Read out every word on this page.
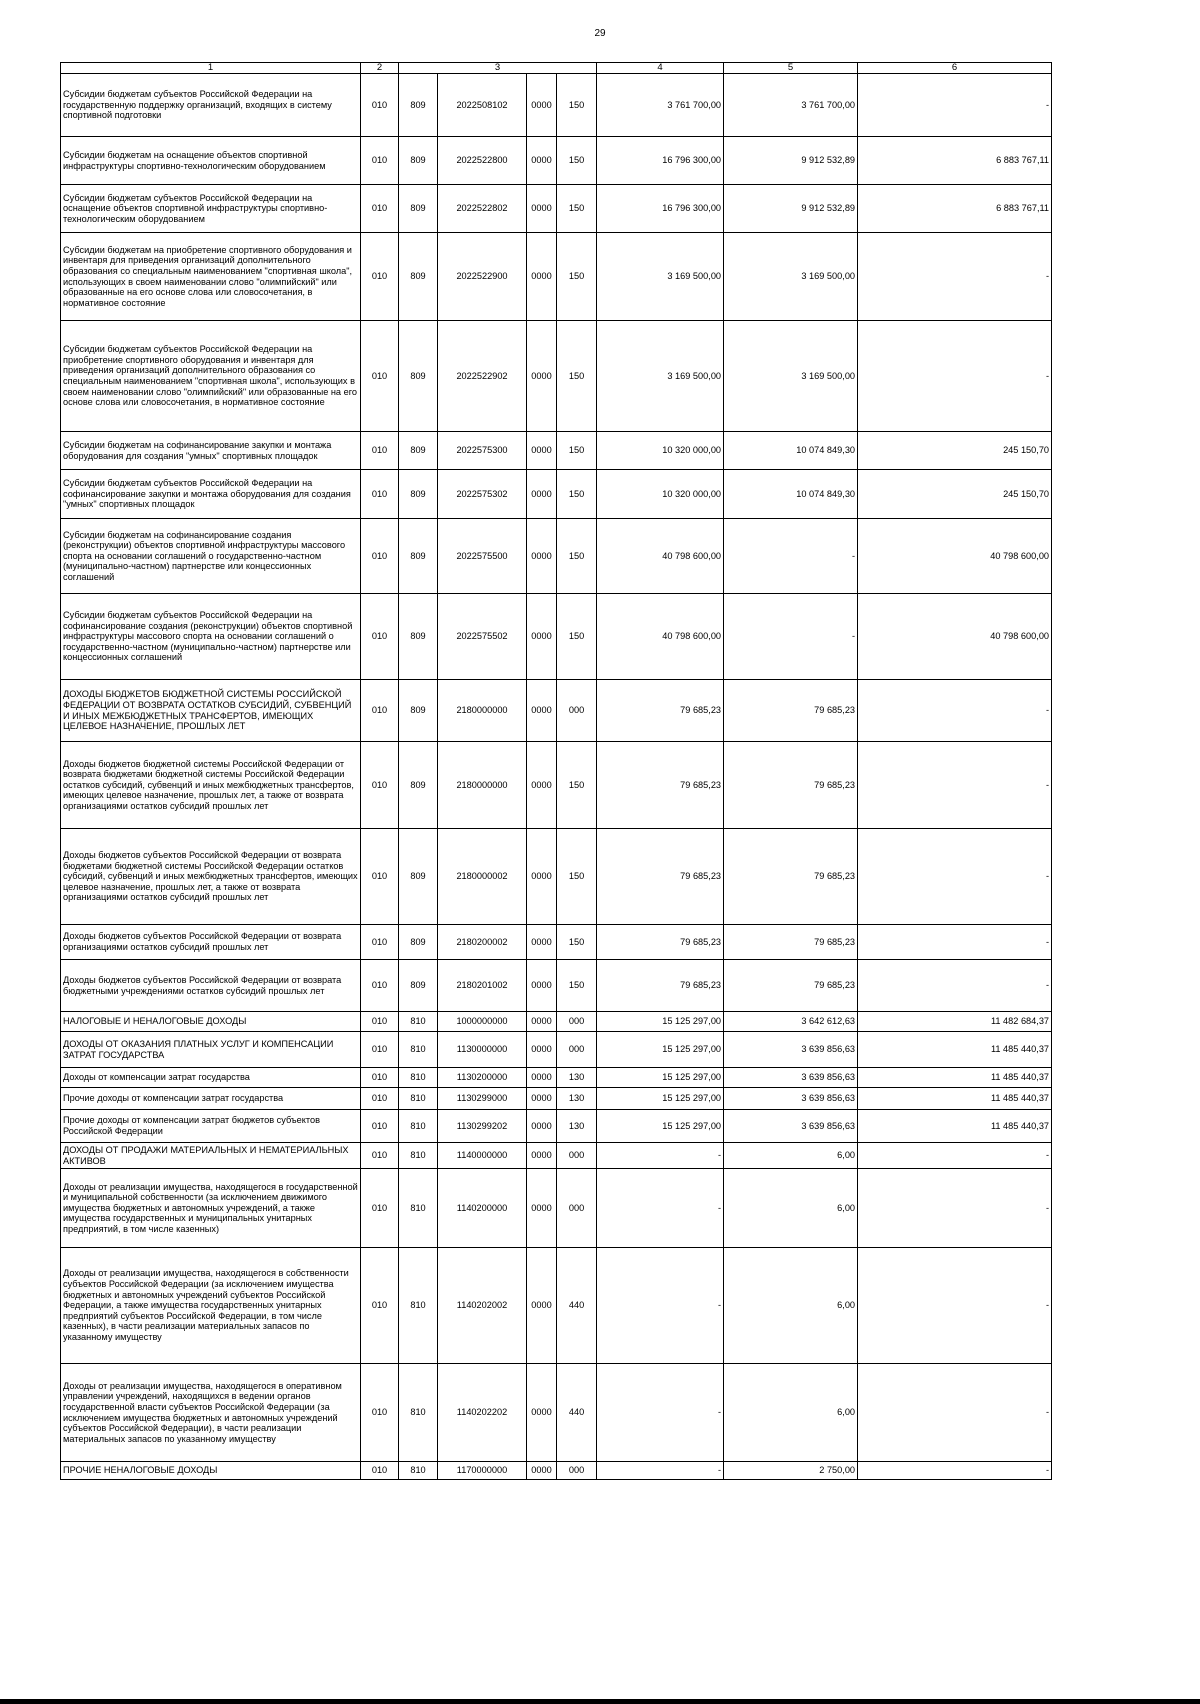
29
1	2	3				4	5	6
Субсидии бюджетам субъектов Российской Федерации на государственную поддержку организаций, входящих в систему спортивной подготовки	010	809	2022508102	0000	150	3 761 700,00	3 761 700,00	-
Субсидии бюджетам на оснащение объектов спортивной инфраструктуры спортивно-технологическим оборудованием	010	809	2022522800	0000	150	16 796 300,00	9 912 532,89	6 883 767,11
Субсидии бюджетам субъектов Российской Федерации на оснащение объектов спортивной инфраструктуры спортивно-технологическим оборудованием	010	809	2022522802	0000	150	16 796 300,00	9 912 532,89	6 883 767,11
Субсидии бюджетам на приобретение спортивного оборудования и инвентаря для приведения организаций дополнительного образования со специальным наименованием "спортивная школа", использующих в своем наименовании слово "олимпийский" или образованные на его основе слова или словосочетания, в нормативное состояние	010	809	2022522900	0000	150	3 169 500,00	3 169 500,00	-
Субсидии бюджетам субъектов Российской Федерации на приобретение спортивного оборудования и инвентаря для приведения организаций дополнительного образования со специальным наименованием "спортивная школа", использующих в своем наименовании слово "олимпийский" или образованные на его основе слова или словосочетания, в нормативное состояние	010	809	2022522902	0000	150	3 169 500,00	3 169 500,00	-
Субсидии бюджетам на софинансирование закупки и монтажа оборудования для создания "умных" спортивных площадок	010	809	2022575300	0000	150	10 320 000,00	10 074 849,30	245 150,70
Субсидии бюджетам субъектов Российской Федерации на софинансирование закупки и монтажа оборудования для создания "умных" спортивных площадок	010	809	2022575302	0000	150	10 320 000,00	10 074 849,30	245 150,70
Субсидии бюджетам на софинансирование создания (реконструкции) объектов спортивной инфраструктуры массового спорта на основании соглашений о государственно-частном (муниципально-частном) партнерстве или концессионных соглашений	010	809	2022575500	0000	150	40 798 600,00	-	40 798 600,00
Субсидии бюджетам субъектов Российской Федерации на софинансирование создания (реконструкции) объектов спортивной инфраструктуры массового спорта на основании соглашений о государственно-частном (муниципально-частном) партнерстве или концессионных соглашений	010	809	2022575502	0000	150	40 798 600,00	-	40 798 600,00
ДОХОДЫ БЮДЖЕТОВ БЮДЖЕТНОЙ СИСТЕМЫ РОССИЙСКОЙ ФЕДЕРАЦИИ ОТ ВОЗВРАТА ОСТАТКОВ СУБСИДИЙ, СУБВЕНЦИЙ И ИНЫХ МЕЖБЮДЖЕТНЫХ ТРАНСФЕРТОВ, ИМЕЮЩИХ ЦЕЛЕВОЕ НАЗНАЧЕНИЕ, ПРОШЛЫХ ЛЕТ	010	809	2180000000	0000	000	79 685,23	79 685,23	-
Доходы бюджетов бюджетной системы Российской Федерации от возврата бюджетами бюджетной системы Российской Федерации остатков субсидий, субвенций и иных межбюджетных трансфертов, имеющих целевое назначение, прошлых лет, а также от возврата организациями остатков субсидий прошлых лет	010	809	2180000000	0000	150	79 685,23	79 685,23	-
Доходы бюджетов субъектов Российской Федерации от возврата бюджетами бюджетной системы Российской Федерации остатков субсидий, субвенций и иных межбюджетных трансфертов, имеющих целевое назначение, прошлых лет, а также от возврата организациями остатков субсидий прошлых лет	010	809	2180000002	0000	150	79 685,23	79 685,23	-
Доходы бюджетов субъектов Российской Федерации от возврата организациями остатков субсидий прошлых лет	010	809	2180200002	0000	150	79 685,23	79 685,23	-
Доходы бюджетов субъектов Российской Федерации от возврата бюджетными учреждениями остатков субсидий прошлых лет	010	809	2180201002	0000	150	79 685,23	79 685,23	-
НАЛОГОВЫЕ И НЕНАЛОГОВЫЕ ДОХОДЫ	010	810	1000000000	0000	000	15 125 297,00	3 642 612,63	11 482 684,37
ДОХОДЫ ОТ ОКАЗАНИЯ ПЛАТНЫХ УСЛУГ И КОМПЕНСАЦИИ ЗАТРАТ ГОСУДАРСТВА	010	810	1130000000	0000	000	15 125 297,00	3 639 856,63	11 485 440,37
Доходы от компенсации затрат государства	010	810	1130200000	0000	130	15 125 297,00	3 639 856,63	11 485 440,37
Прочие доходы от компенсации затрат государства	010	810	1130299000	0000	130	15 125 297,00	3 639 856,63	11 485 440,37
Прочие доходы от компенсации затрат бюджетов субъектов Российской Федерации	010	810	1130299202	0000	130	15 125 297,00	3 639 856,63	11 485 440,37
ДОХОДЫ ОТ ПРОДАЖИ МАТЕРИАЛЬНЫХ И НЕМАТЕРИАЛЬНЫХ АКТИВОВ	010	810	1140000000	0000	000	-	6,00	-
Доходы от реализации имущества, находящегося в государственной и муниципальной собственности (за исключением движимого имущества бюджетных и автономных учреждений, а также имущества государственных и муниципальных унитарных предприятий, в том числе казенных)	010	810	1140200000	0000	000	-	6,00	-
Доходы от реализации имущества, находящегося в собственности субъектов Российской Федерации (за исключением имущества бюджетных и автономных учреждений субъектов Российской Федерации, а также имущества государственных унитарных предприятий субъектов Российской Федерации, в том числе казенных), в части реализации материальных запасов по указанному имуществу	010	810	1140202002	0000	440	-	6,00	-
Доходы от реализации имущества, находящегося в оперативном управлении учреждений, находящихся в ведении органов государственной власти субъектов Российской Федерации (за исключением имущества бюджетных и автономных учреждений субъектов Российской Федерации), в части реализации материальных запасов по указанному имуществу	010	810	1140202202	0000	440	-	6,00	-
ПРОЧИЕ НЕНАЛОГОВЫЕ ДОХОДЫ	010	810	1170000000	0000	000	-	2 750,00	-
